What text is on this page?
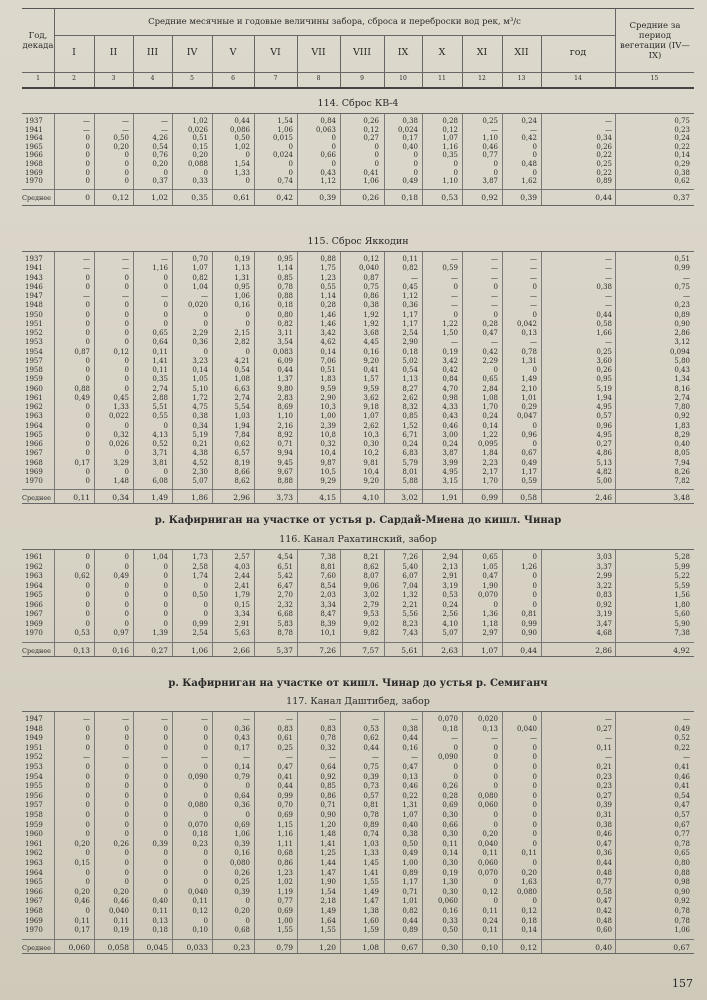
Год, декада
Средние месячные и годовые величины забора, сброса и переброски вод рек, м³/с	Средние за период вегетации (IV—IX)
I	II	III	IV	V	VI	VII	VIII	IX	X	XI	XII	год
1	2	3	4	5	6	7	8	9	10	11	12	13	14	15
114. Сброс КВ-4
1937	—	—	—	1,02	0,44	1,54	0,84	0,26	0,38	0,28	0,25	0,24	—	0,75
1941	—	—	—	0,026	0,086	1,06	0,063	0,12	0,024	0,12	—	—	—	0,23
1964	0	0,50	4,26	0,51	0,50	0,015	0	0,27	0,17	1,07	1,10	0,42	0,34	0,24
1965	0	0,20	0,54	0,15	1,02	0	0	0	0,40	1,16	0,46	0	0,26	0,22
1966	0	0	0,76	0,20	0	0,024	0,66	0	0	0,35	0,77	0	0,22	0,14
1968	0	0	0,20	0,088	1,54	0	0	0	0	0	0	0,48	0,25	0,29
1969	0	0	0	0	1,33	0	0,43	0,41	0	0	0	0	0,22	0,38
1970	0	0	0,37	0,33	0	0,74	1,12	1,06	0,49	1,10	3,87	1,62	0,89	0,62
Среднее	0	0,12	1,02	0,35	0,61	0,42	0,39	0,26	0,18	0,53	0,92	0,39	0,44	0,37
115. Сброс Яккодин
1937	—	—	—	0,70	0,19	0,95	0,88	0,12	0,11	—	—	—	—	0,51
1941	—	—	1,16	1,07	1,13	1,14	1,75	0,040	0,82	0,59	—	—	—	0,99
1943	0	0	0	0,82	1,31	0,85	1,23	0,87	—	—	—	—	—	—
1946	0	0	0	1,04	0,95	0,78	0,55	0,75	0,45	0	0	0	0,38	0,75
1947	—	—	—	—	1,06	0,88	1,14	0,86	1,12	—	—	—	—	—
1948	0	0	0	0,020	0,16	0,18	0,28	0,38	0,36	—	—	—	—	0,23
1950	0	0	0	0	0	0,80	1,46	1,92	1,17	0	0	0	0,44	0,89
1951	0	0	0	0	0	0,82	1,46	1,92	1,17	1,22	0,28	0,042	0,58	0,90
1952	0	0	0,65	2,29	2,15	3,11	3,42	3,68	2,54	1,50	0,47	0,13	1,66	2,86
1953	0	0	0,64	0,36	2,82	3,54	4,62	4,45	2,90	—	—	—	—	3,12
1954	0,87	0,12	0,11	0	0	0,083	0,14	0,16	0,18	0,19	0,42	0,78	0,25	0,094
1957	0	0	1,41	3,23	4,21	6,09	7,06	9,20	5,02	3,42	2,29	1,31	3,60	5,80
1958	0	0	0,11	0,14	0,54	0,44	0,51	0,41	0,54	0,42	0	0	0,26	0,43
1959	0	0	0,35	1,05	1,08	1,37	1,83	1,57	1,13	0,84	0,65	1,49	0,95	1,34
1960	0,88	0	2,74	5,10	6,63	9,80	9,59	9,59	8,27	4,70	2,84	2,10	5,19	8,16
1961	0,49	0,45	2,88	1,72	2,74	2,83	2,90	3,62	2,62	0,98	1,08	1,01	1,94	2,74
1962	0	1,33	5,51	4,75	5,54	8,69	10,3	9,18	8,32	4,33	1,70	0,29	4,95	7,80
1963	0	0,022	0,55	0,38	1,03	1,10	1,00	1,07	0,85	0,43	0,24	0,047	0,57	0,92
1964	0	0	0	0,34	1,94	2,16	2,39	2,62	1,52	0,46	0,14	0	0,96	1,83
1965	0	0,32	4,13	5,19	7,84	8,92	10,8	10,3	6,71	3,00	1,22	0,96	4,95	8,29
1966	0	0,026	0,52	0,21	0,62	0,71	0,32	0,30	0,24	0,24	0,095	0	0,27	0,40
1967	0	0	3,71	4,38	6,57	9,94	10,4	10,2	6,83	3,87	1,84	0,67	4,86	8,05
1968	0,17	3,29	3,81	4,52	8,19	9,45	9,87	9,81	5,79	3,99	2,23	0,49	5,13	7,94
1969	0	0	0	2,30	8,66	9,67	10,5	10,4	8,01	4,95	2,17	1,17	4,82	8,26
1970	0	1,48	6,08	5,07	8,62	8,88	9,29	9,20	5,88	3,15	1,70	0,59	5,00	7,82
Среднее	0,11	0,34	1,49	1,86	2,96	3,73	4,15	4,10	3,02	1,91	0,99	0,58	2,46	3,48
р. Кафирниган на участке от устья р. Сардай-Миена до кишл. Чинар
116. Канал Рахатинский, забор
1961	0	0	1,04	1,73	2,57	4,54	7,38	8,21	7,26	2,94	0,65	0	3,03	5,28
1962	0	0	0	2,58	4,03	6,51	8,81	8,62	5,40	2,13	1,05	1,26	3,37	5,99
1963	0,62	0,49	0	1,74	2,44	5,42	7,60	8,07	6,07	2,91	0,47	0	2,99	5,22
1964	0	0	0	0	2,41	6,47	8,54	9,06	7,04	3,19	1,90	0	3,22	5,59
1965	0	0	0	0,50	1,79	2,70	2,03	3,02	1,32	0,53	0,070	0	0,83	1,56
1966	0	0	0	0	0,15	2,32	3,34	2,79	2,21	0,24	0	0	0,92	1,80
1967	0	0	0	0	3,34	6,68	8,47	9,53	5,56	2,56	1,36	0,81	3,19	5,60
1969	0	0	0	0,99	2,91	5,83	8,39	9,02	8,23	4,10	1,18	0,99	3,47	5,90
1970	0,53	0,97	1,39	2,54	5,63	8,78	10,1	9,82	7,43	5,07	2,97	0,90	4,68	7,38
Среднее	0,13	0,16	0,27	1,06	2,66	5,37	7,26	7,57	5,61	2,63	1,07	0,44	2,86	4,92
р. Кафирниган на участке от кишл. Чинар до устья р. Семиганч
117. Канал Даштибед, забор
1947	—	—	—	—	—	—	—	—	—	0,070	0,020	0	—	—
1948	0	0	0	0	0,36	0,83	0,83	0,53	0,38	0,18	0,13	0,040	0,27	0,49
1949	0	0	0	0	0,43	0,61	0,78	0,62	0,44	—	—	—	—	0,52
1951	0	0	0	0	0,17	0,25	0,32	0,44	0,16	0	0	0	0,11	0,22
1952	—	—	—	—	—	—	—	—	—	0,090	0	0	—	—
1953	0	0	0	0	0,14	0,47	0,64	0,75	0,47	0	0	0	0,21	0,41
1954	0	0	0	0,090	0,79	0,41	0,92	0,39	0,13	0	0	0	0,23	0,46
1955	0	0	0	0	0	0,44	0,85	0,73	0,46	0,26	0	0	0,23	0,41
1956	0	0	0	0	0,64	0,99	0,86	0,57	0,22	0,28	0,080	0	0,27	0,54
1957	0	0	0	0,080	0,36	0,70	0,71	0,81	1,31	0,69	0,060	0	0,39	0,47
1958	0	0	0	0	0	0,69	0,90	0,78	1,07	0,30	0	0	0,31	0,57
1959	0	0	0	0,070	0,69	1,15	1,20	0,89	0,40	0,66	0	0	0,38	0,67
1960	0	0	0	0,18	1,06	1,16	1,48	0,74	0,38	0,30	0,20	0	0,46	0,77
1961	0,20	0,26	0,39	0,23	0,39	1,11	1,41	1,03	0,50	0,11	0,040	0	0,47	0,78
1962	0	0	0	0	0,16	0,68	1,25	1,33	0,49	0,14	0,11	0,11	0,36	0,65
1963	0,15	0	0	0	0,080	0,86	1,44	1,45	1,00	0,30	0,060	0	0,44	0,80
1964	0	0	0	0	0,26	1,23	1,47	1,41	0,89	0,19	0,070	0,20	0,48	0,88
1965	0	0	0	0	0,25	1,02	1,90	1,55	1,17	1,30	0	1,63	0,77	0,98
1966	0,20	0,20	0	0,040	0,39	1,19	1,54	1,49	0,71	0,30	0,12	0,080	0,58	0,90
1967	0,46	0,46	0,40	0,11	0	0,77	2,18	1,47	1,01	0,060	0	0	0,47	0,92
1968	0	0,040	0,11	0,12	0,20	0,69	1,49	1,38	0,82	0,16	0,11	0,12	0,42	0,78
1969	0,11	0,11	0,13	0	0	1,00	1,64	1,60	0,44	0,33	0,24	0,18	0,48	0,78
1970	0,17	0,19	0,18	0,10	0,68	1,55	1,55	1,59	0,89	0,50	0,11	0,14	0,60	1,06
Среднее 0,060 0,058 0,045 0,033	0,23	0,79	1,20	1,08	0,67	0,30	0,10	0,12	0,40	0,67
157
